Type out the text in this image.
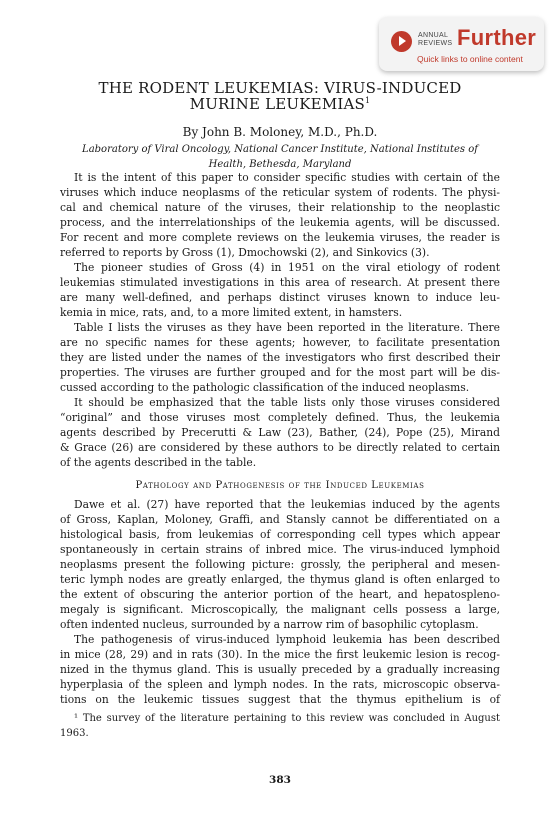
ANNUAL
REVIEWS Further
Quick links to online content
THE RODENT LEUKEMIAS: VIRUS-INDUCED
MURINE LEUKEMIAS$^1$
By John B. Moloney, M.D., Ph.D.
Laboratory of Viral Oncology, National Cancer Institute, National Institutes of
Health, Bethesda, Maryland
It is the intent of this paper to consider specific studies with certain of the
viruses which induce neoplasms of the reticular system of rodents. The physi-
cal and chemical nature of the viruses, their relationship to the neoplastic
process, and the interrelationships of the leukemia agents, will be discussed.
For recent and more complete reviews on the leukemia viruses, the reader is
referred to reports by Gross (1), Dmochowski (2), and Sinkovics (3).
The pioneer studies of Gross (4) in 1951 on the viral etiology of rodent
leukemias stimulated investigations in this area of research. At present there
are many well-defined, and perhaps distinct viruses known to induce leu-
kemia in mice, rats, and, to a more limited extent, in hamsters.
Table I lists the viruses as they have been reported in the literature. There
are no specific names for these agents; however, to facilitate presentation
they are listed under the names of the investigators who first described their
properties. The viruses are further grouped and for the most part will be dis-
cussed according to the pathologic classification of the induced neoplasms.
It should be emphasized that the table lists only those viruses considered
“original” and those viruses most completely defined. Thus, the leukemia
agents described by Precerutti & Law (23), Bather, (24), Pope (25), Mirand
& Grace (26) are considered by these authors to be directly related to certain
of the agents described in the table.
Pathology and Pathogenesis of the Induced Leukemias
Dawe et al. (27) have reported that the leukemias induced by the agents
of Gross, Kaplan, Moloney, Graffi, and Stansly cannot be differentiated on a
histological basis, from leukemias of corresponding cell types which appear
spontaneously in certain strains of inbred mice. The virus-induced lymphoid
neoplasms present the following picture: grossly, the peripheral and mesen-
teric lymph nodes are greatly enlarged, the thymus gland is often enlarged to
the extent of obscuring the anterior portion of the heart, and hepatospleno-
megaly is significant. Microscopically, the malignant cells possess a large,
often indented nucleus, surrounded by a narrow rim of basophilic cytoplasm.
The pathogenesis of virus-induced lymphoid leukemia has been described
in mice (28, 29) and in rats (30). In the mice the first leukemic lesion is recog-
nized in the thymus gland. This is usually preceded by a gradually increasing
hyperplasia of the spleen and lymph nodes. In the rats, microscopic observa-
tions on the leukemic tissues suggest that the thymus epithelium is of
¹ The survey of the literature pertaining to this review was concluded in August
1963.
383
